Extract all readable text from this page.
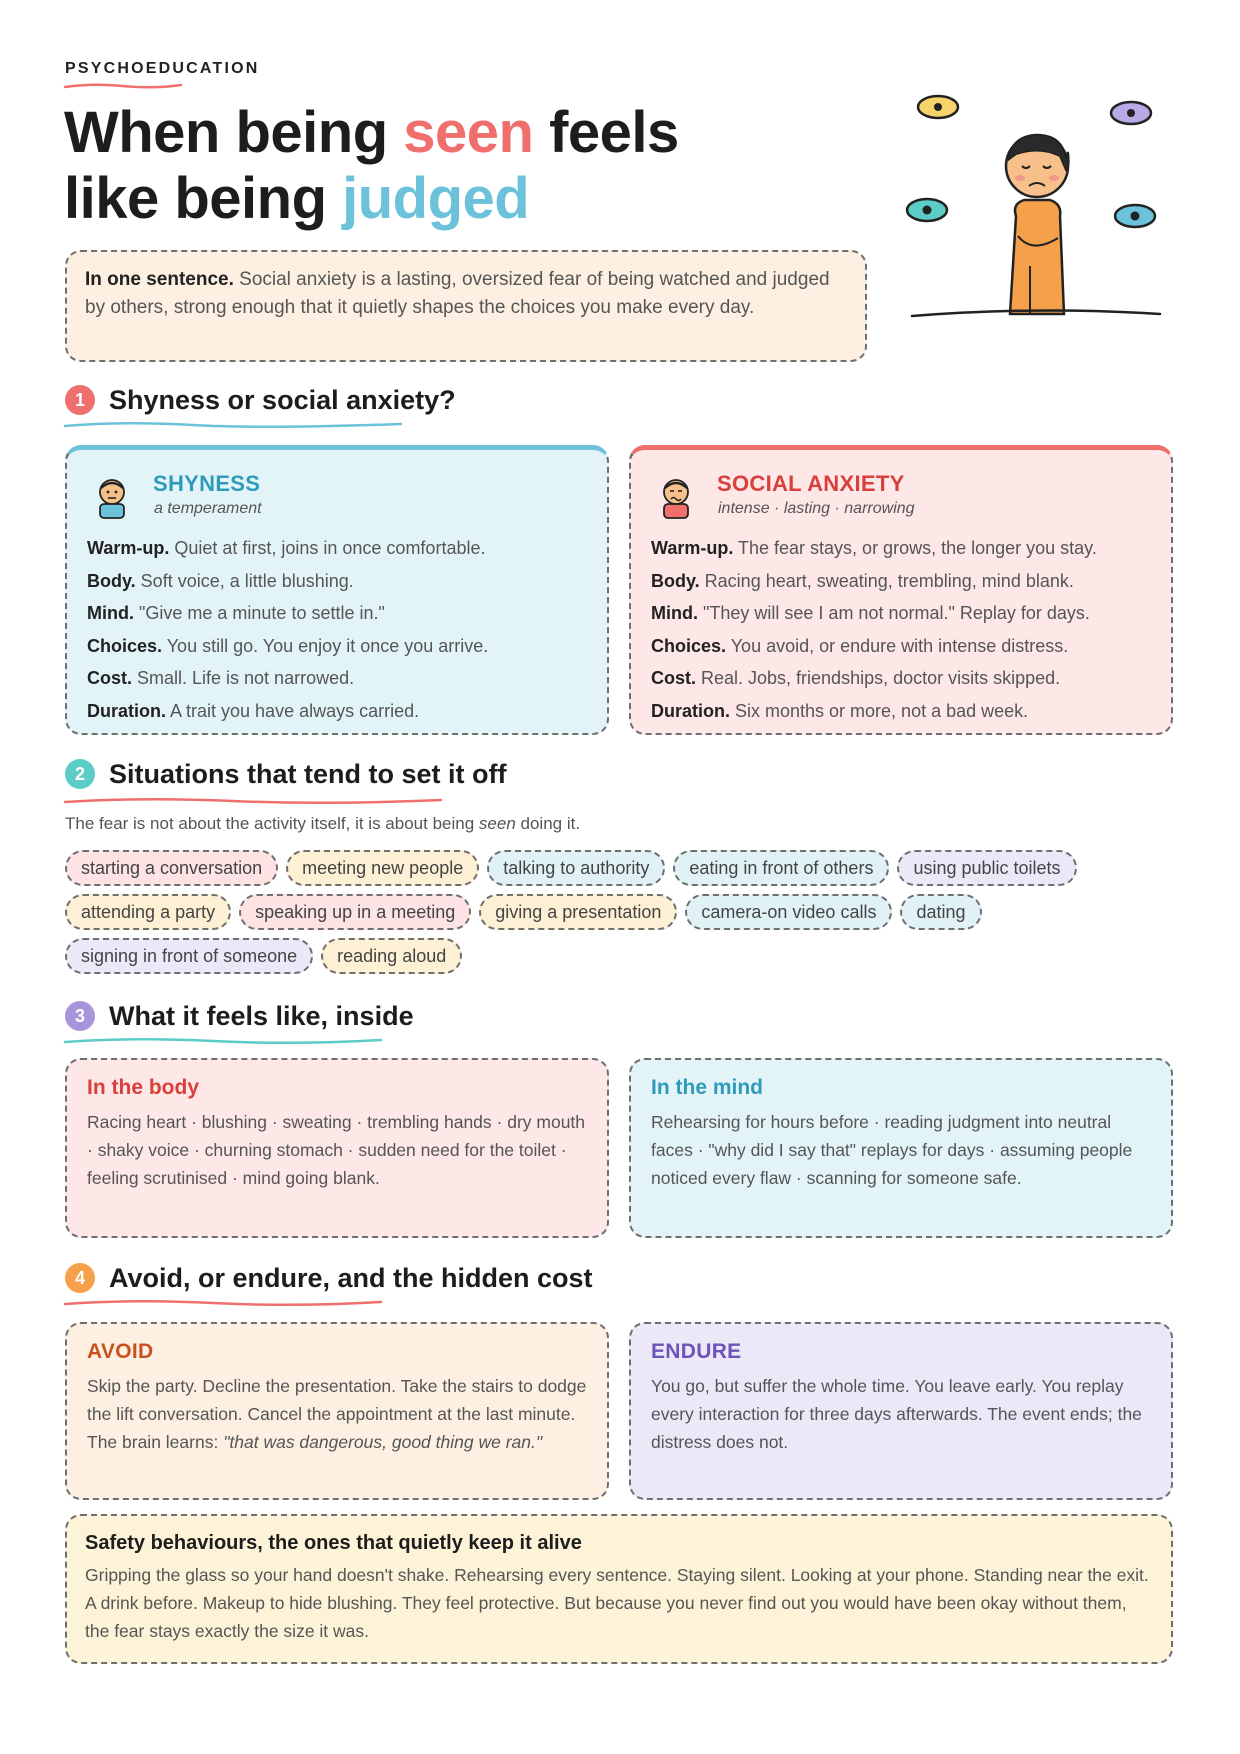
PSYCHOEDUCATION
When being seen feels
like being judged
In one sentence. Social anxiety is a lasting, oversized fear of being watched and judged by others, strong enough that it quietly shapes the choices you make every day.
1 Shyness or social anxiety?
SHYNESS
a temperament
Warm-up. Quiet at first, joins in once comfortable.
Body. Soft voice, a little blushing.
Mind. "Give me a minute to settle in."
Choices. You still go. You enjoy it once you arrive.
Cost. Small. Life is not narrowed.
Duration. A trait you have always carried.
SOCIAL ANXIETY
intense · lasting · narrowing
Warm-up. The fear stays, or grows, the longer you stay.
Body. Racing heart, sweating, trembling, mind blank.
Mind. "They will see I am not normal." Replay for days.
Choices. You avoid, or endure with intense distress.
Cost. Real. Jobs, friendships, doctor visits skipped.
Duration. Six months or more, not a bad week.
2 Situations that tend to set it off
The fear is not about the activity itself, it is about being seen doing it.
starting a conversation	meeting new people	talking to authority	eating in front of others	using public toilets
attending a party	speaking up in a meeting	giving a presentation	camera-on video calls	dating
signing in front of someone	reading aloud
3 What it feels like, inside
In the body
Racing heart · blushing · sweating · trembling hands · dry mouth · shaky voice · churning stomach · sudden need for the toilet · feeling scrutinised · mind going blank.
In the mind
Rehearsing for hours before · reading judgment into neutral faces · "why did I say that" replays for days · assuming people noticed every flaw · scanning for someone safe.
4 Avoid, or endure, and the hidden cost
AVOID
Skip the party. Decline the presentation. Take the stairs to dodge the lift conversation. Cancel the appointment at the last minute. The brain learns: "that was dangerous, good thing we ran."
ENDURE
You go, but suffer the whole time. You leave early. You replay every interaction for three days afterwards. The event ends; the distress does not.
Safety behaviours, the ones that quietly keep it alive
Gripping the glass so your hand doesn't shake. Rehearsing every sentence. Staying silent. Looking at your phone. Standing near the exit. A drink before. Makeup to hide blushing. They feel protective. But because you never find out you would have been okay without them, the fear stays exactly the size it was.
